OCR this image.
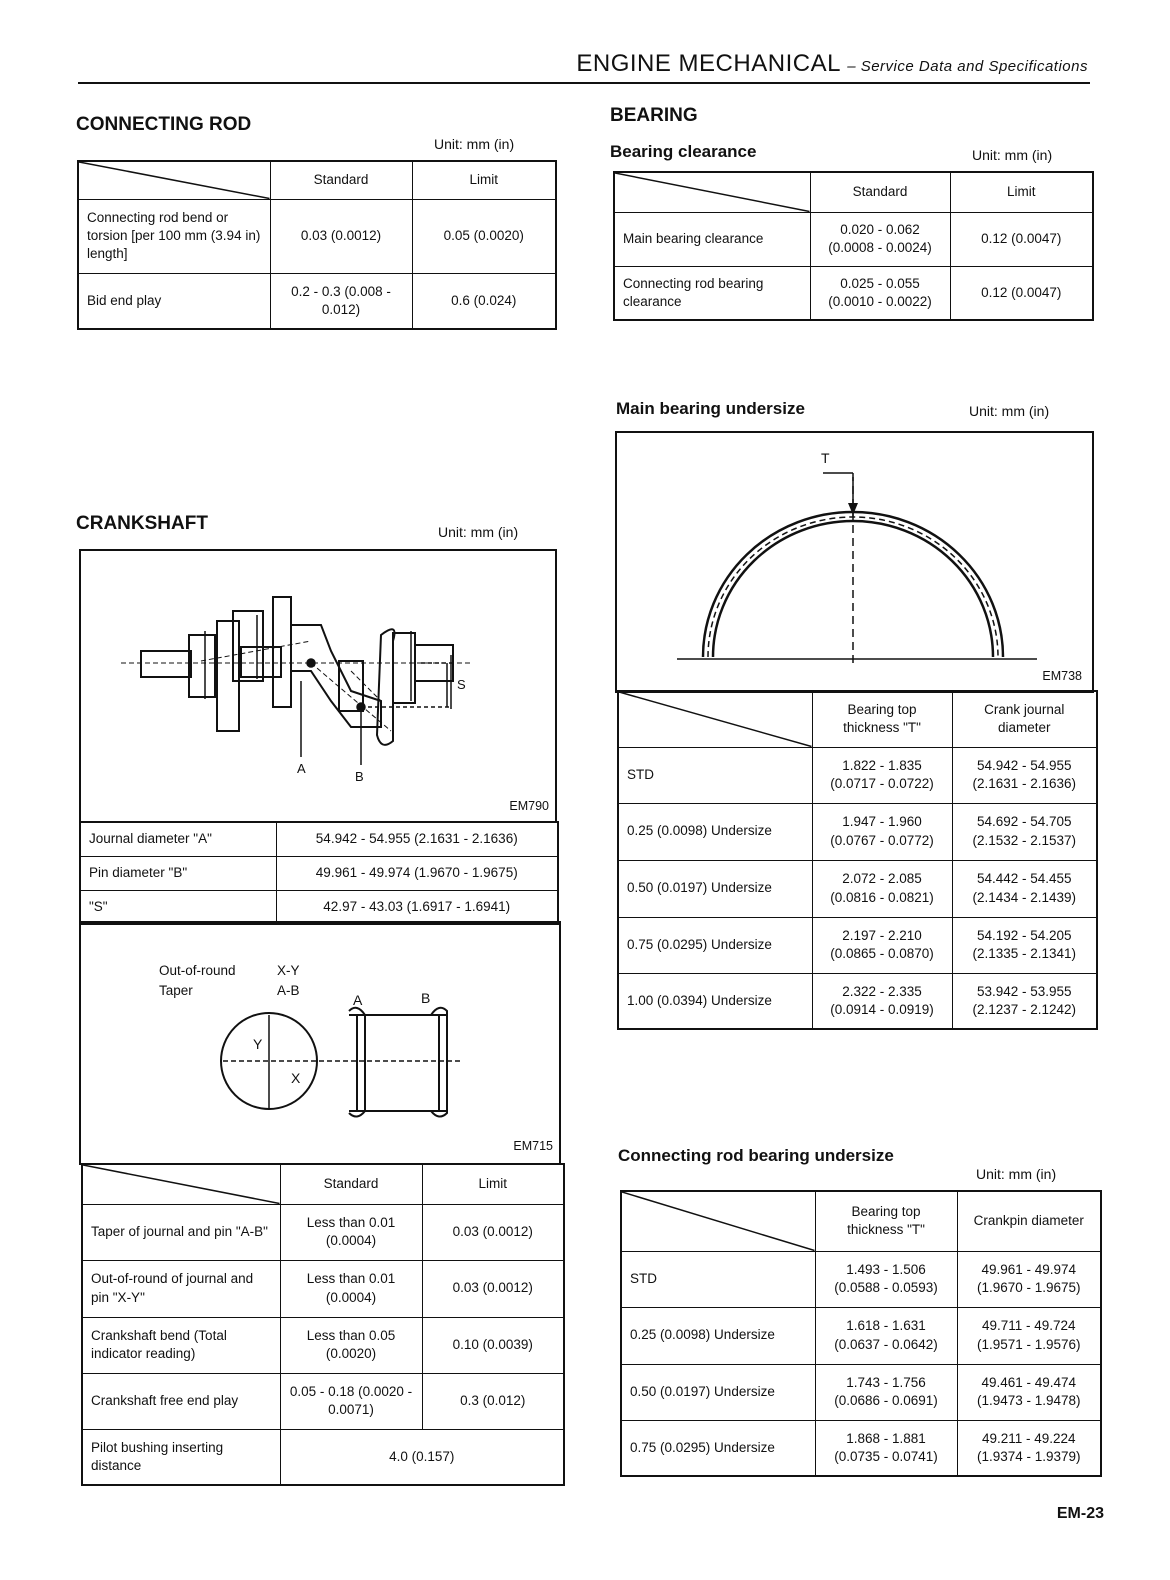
ENGINE MECHANICAL – Service Data and Specifications
CONNECTING ROD
Unit: mm (in)
	Standard	Limit
Connecting rod bend or torsion [per 100 mm (3.94 in) length]	0.03 (0.0012)	0.05 (0.0020)
Bid end play	0.2 - 0.3 (0.008 - 0.012)	0.6 (0.024)
CRANKSHAFT	Unit: mm (in)
A
B
S
EM790
Journal diameter "A"	54.942 - 54.955 (2.1631 - 2.1636)
Pin diameter "B"	49.961 - 49.974 (1.9670 - 1.9675)
"S"	42.97 - 43.03 (1.6917 - 1.6941)
Out-of-round	X-Y
Taper	A-B
Y
X
A	B
EM715
	Standard	Limit
Taper of journal and pin "A-B"	Less than 0.01 (0.0004)	0.03 (0.0012)
Out-of-round of journal and pin "X-Y"	Less than 0.01 (0.0004)	0.03 (0.0012)
Crankshaft bend (Total indicator reading)	Less than 0.05 (0.0020)	0.10 (0.0039)
Crankshaft free end play	0.05 - 0.18 (0.0020 - 0.0071)	0.3 (0.012)
Pilot bushing inserting distance	4.0 (0.157)	
BEARING
Bearing clearance	Unit: mm (in)
	Standard	Limit
Main bearing clearance	0.020 - 0.062 (0.0008 - 0.0024)	0.12 (0.0047)
Connecting rod bearing clearance	0.025 - 0.055 (0.0010 - 0.0022)	0.12 (0.0047)
Main bearing undersize	Unit: mm (in)
T
EM738
	Bearing top thickness "T"	Crank journal diameter
STD	1.822 - 1.835 (0.0717 - 0.0722)	54.942 - 54.955 (2.1631 - 2.1636)
0.25 (0.0098) Undersize	1.947 - 1.960 (0.0767 - 0.0772)	54.692 - 54.705 (2.1532 - 2.1537)
0.50 (0.0197) Undersize	2.072 - 2.085 (0.0816 - 0.0821)	54.442 - 54.455 (2.1434 - 2.1439)
0.75 (0.0295) Undersize	2.197 - 2.210 (0.0865 - 0.0870)	54.192 - 54.205 (2.1335 - 2.1341)
1.00 (0.0394) Undersize	2.322 - 2.335 (0.0914 - 0.0919)	53.942 - 53.955 (2.1237 - 2.1242)
Connecting rod bearing undersize
Unit: mm (in)
	Bearing top thickness "T"	Crankpin diameter
STD	1.493 - 1.506 (0.0588 - 0.0593)	49.961 - 49.974 (1.9670 - 1.9675)
0.25 (0.0098) Undersize	1.618 - 1.631 (0.0637 - 0.0642)	49.711 - 49.724 (1.9571 - 1.9576)
0.50 (0.0197) Undersize	1.743 - 1.756 (0.0686 - 0.0691)	49.461 - 49.474 (1.9473 - 1.9478)
0.75 (0.0295) Undersize	1.868 - 1.881 (0.0735 - 0.0741)	49.211 - 49.224 (1.9374 - 1.9379)
EM-23
